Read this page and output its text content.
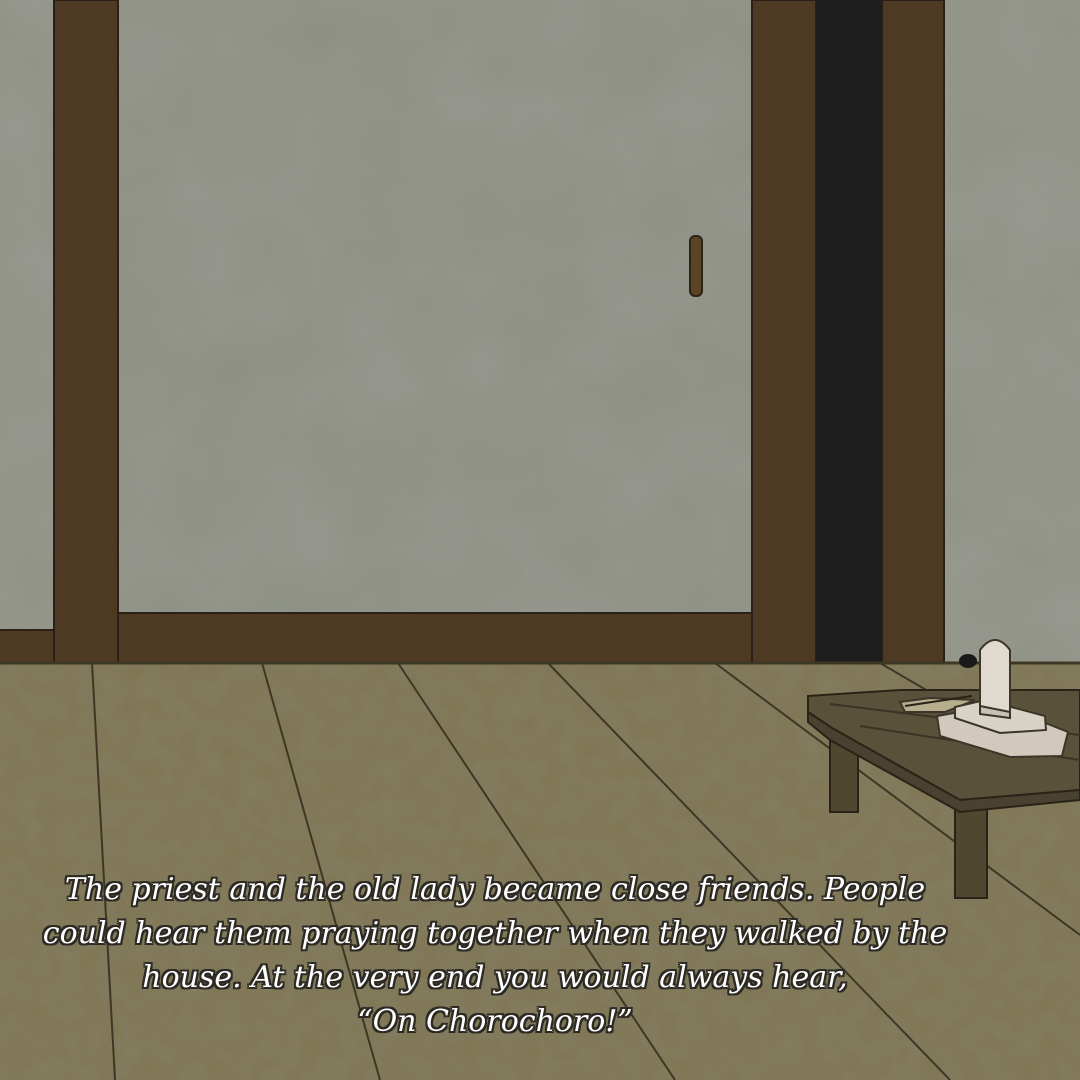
The priest and the old lady became close friends. People
could hear them praying together when they walked by the
house. At the very end you would always hear,
“On Chorochoro!”
